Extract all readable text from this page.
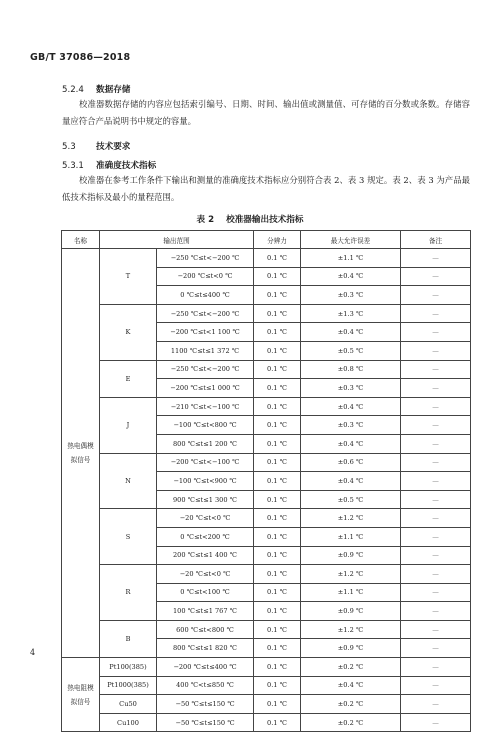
GB/T 37086—2018
5.2.4 数据存储
校准器数据存储的内容应包括索引编号、日期、时间、输出值或测量值、可存储的百分数或条数。存储容量应符合产品说明书中规定的容量。
5.3 技术要求
5.3.1 准确度技术指标
校准器在参考工作条件下输出和测量的准确度技术指标应分别符合表 2、表 3 规定。表 2、表 3 为产品最低技术指标及最小的量程范围。
表 2 校准器输出技术指标
名称	输出范围		分辨力	最大允许误差	备注
热电偶模拟信号	T	−250 ℃≤t<−200 ℃	0.1 ℃	±1.1 ℃	—
		−200 ℃≤t<0 ℃	0.1 ℃	±0.4 ℃	—
		0 ℃≤t≤400 ℃	0.1 ℃	±0.3 ℃	—
	K	−250 ℃≤t<−200 ℃	0.1 ℃	±1.3 ℃	—
		−200 ℃≤t<1 100 ℃	0.1 ℃	±0.4 ℃	—
		1100 ℃≤t≤1 372 ℃	0.1 ℃	±0.5 ℃	—
	E	−250 ℃≤t<−200 ℃	0.1 ℃	±0.8 ℃	—
		−200 ℃≤t≤1 000 ℃	0.1 ℃	±0.3 ℃	—
	J	−210 ℃≤t<−100 ℃	0.1 ℃	±0.4 ℃	—
		−100 ℃≤t<800 ℃	0.1 ℃	±0.3 ℃	—
		800 ℃≤t≤1 200 ℃	0.1 ℃	±0.4 ℃	—
	N	−200 ℃≤t<−100 ℃	0.1 ℃	±0.6 ℃	—
		−100 ℃≤t<900 ℃	0.1 ℃	±0.4 ℃	—
		900 ℃≤t≤1 300 ℃	0.1 ℃	±0.5 ℃	—
	S	−20 ℃≤t<0 ℃	0.1 ℃	±1.2 ℃	—
		0 ℃≤t<200 ℃	0.1 ℃	±1.1 ℃	—
		200 ℃≤t≤1 400 ℃	0.1 ℃	±0.9 ℃	—
	R	−20 ℃≤t<0 ℃	0.1 ℃	±1.2 ℃	—
		0 ℃≤t<100 ℃	0.1 ℃	±1.1 ℃	—
		100 ℃≤t≤1 767 ℃	0.1 ℃	±0.9 ℃	—
	B	600 ℃≤t<800 ℃	0.1 ℃	±1.2 ℃	—
		800 ℃≤t≤1 820 ℃	0.1 ℃	±0.9 ℃	—
热电阻模拟信号	Pt100(385)	−200 ℃≤t≤400 ℃	0.1 ℃	±0.2 ℃	—
	Pt1000(385)	400 ℃<t≤850 ℃	0.1 ℃	±0.4 ℃	—
	Cu50	−50 ℃≤t≤150 ℃	0.1 ℃	±0.2 ℃	—
	Cu100	−50 ℃≤t≤150 ℃	0.1 ℃	±0.2 ℃	—
4
